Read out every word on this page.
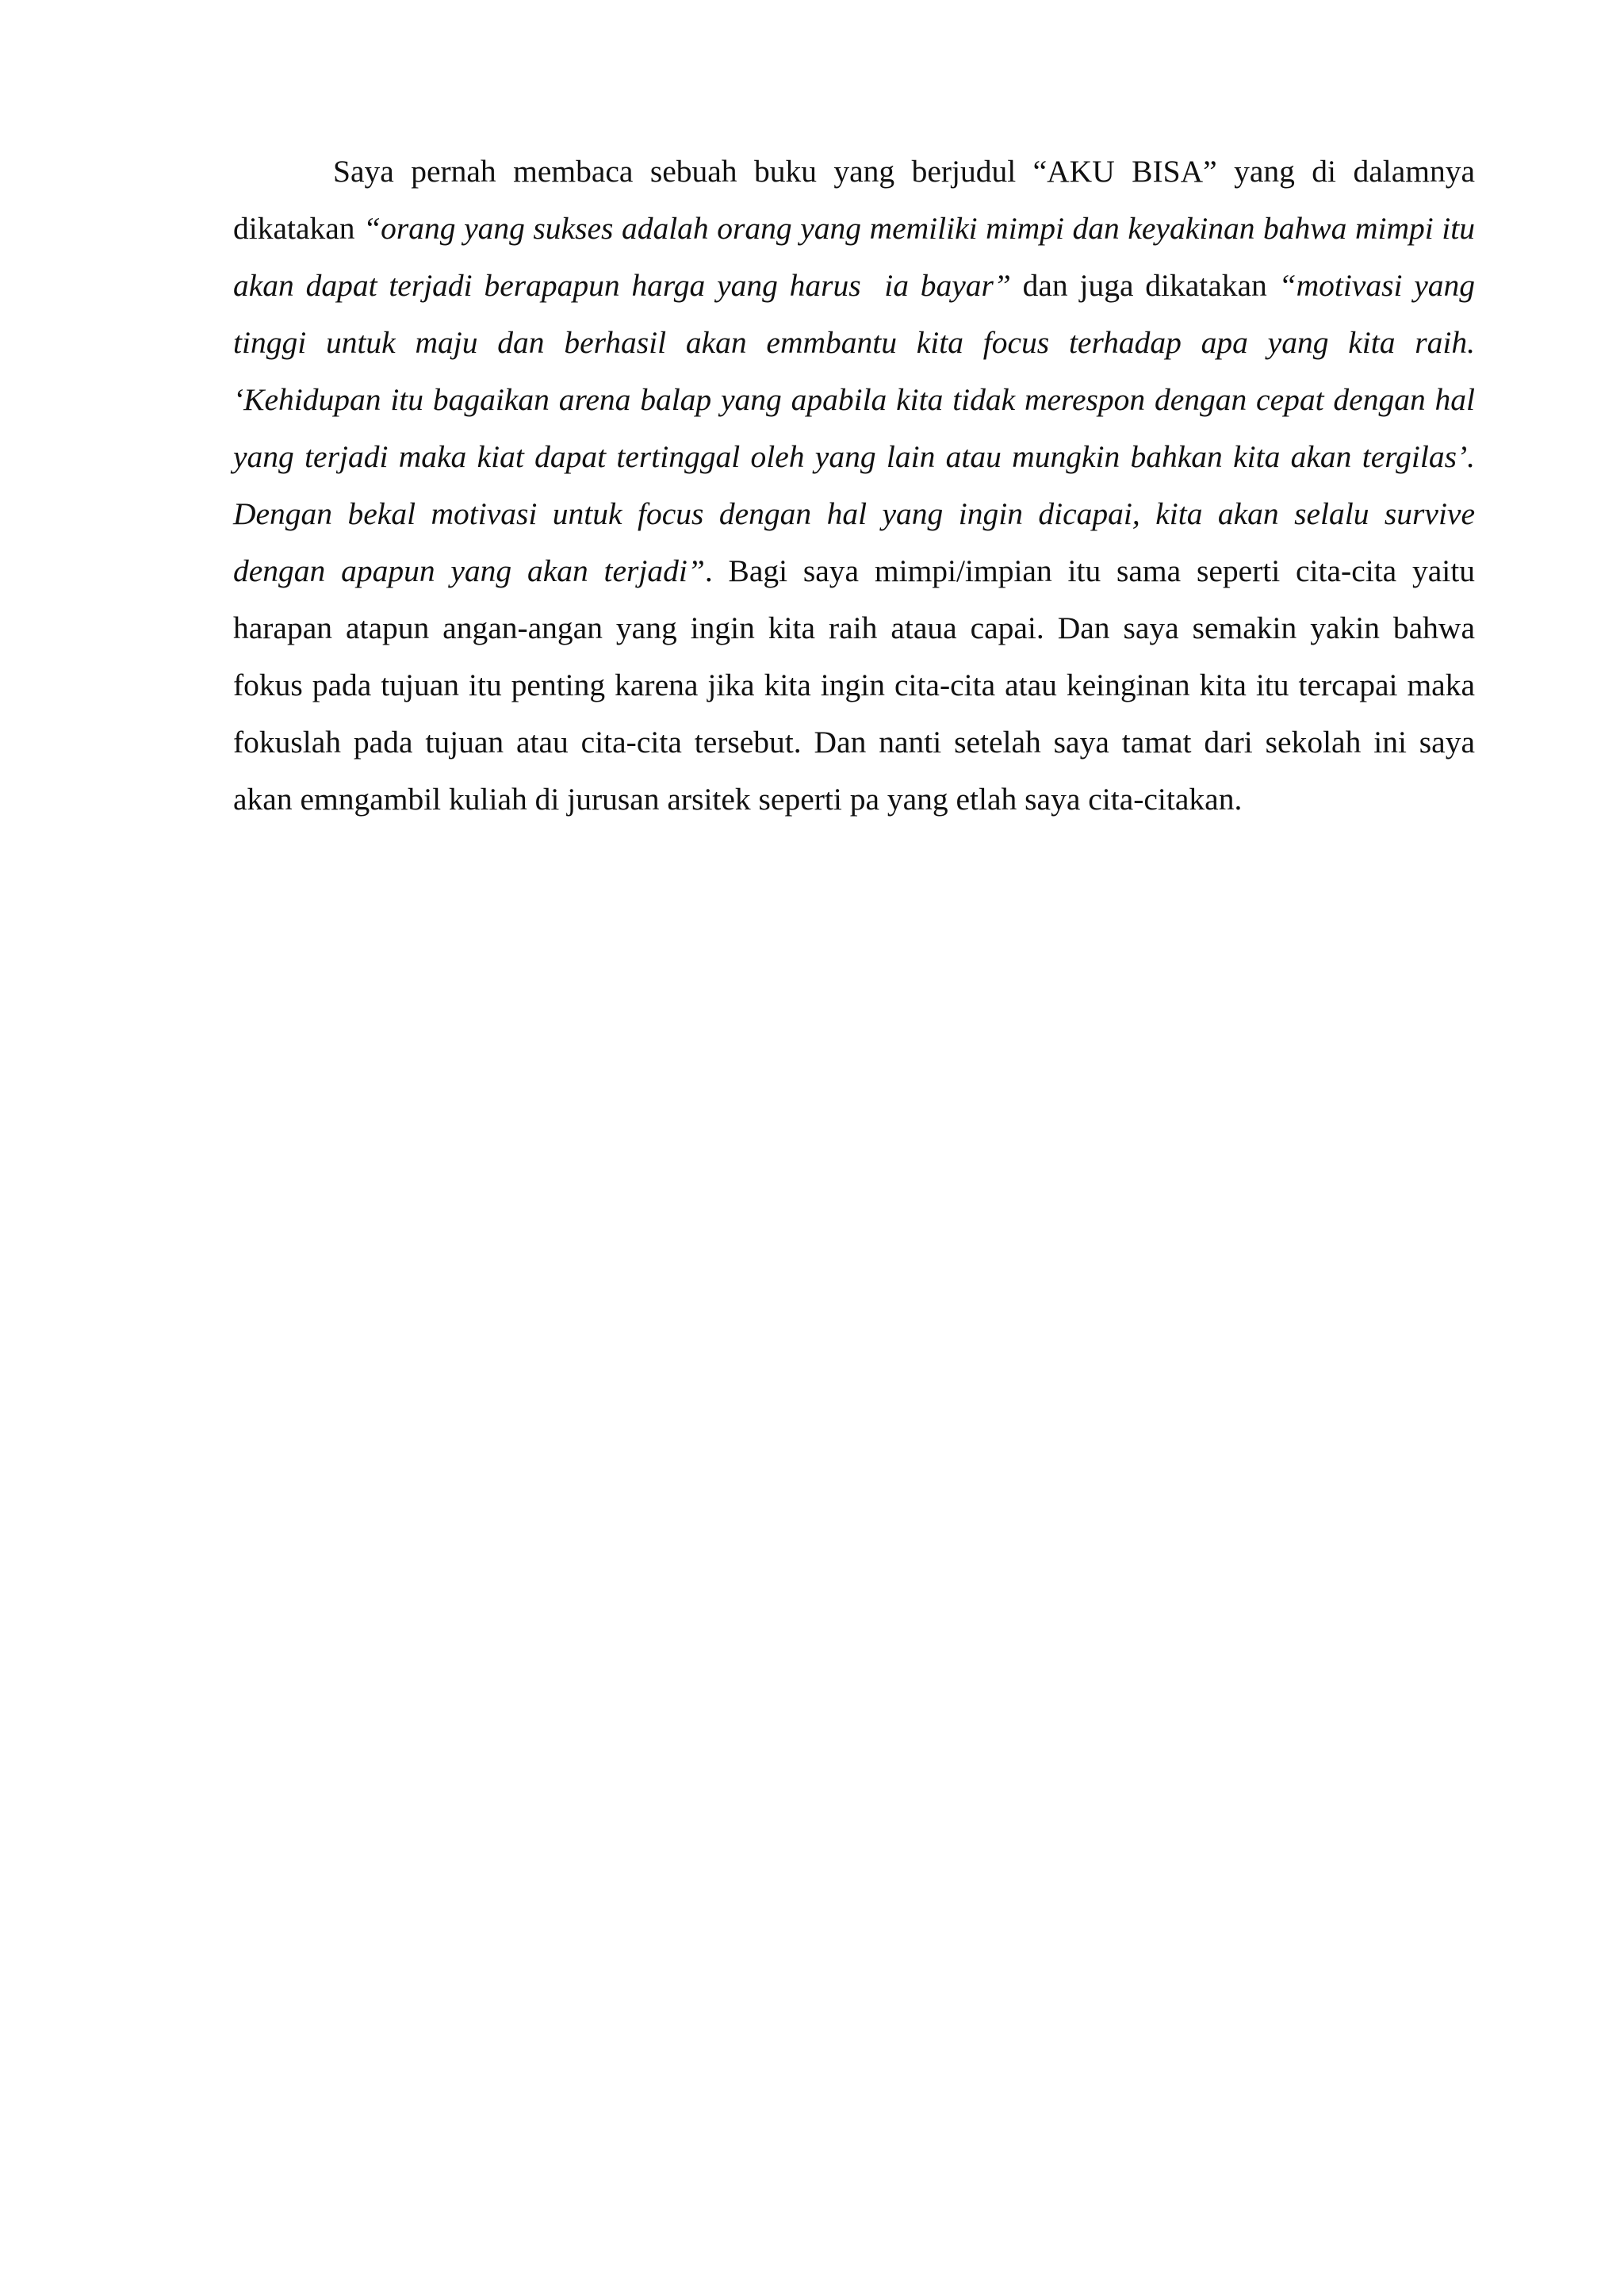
Saya pernah membaca sebuah buku yang berjudul “AKU BISA” yang di dalamnya dikatakan “orang yang sukses adalah orang yang memiliki mimpi dan keyakinan bahwa mimpi itu akan dapat terjadi berapapun harga yang harus  ia bayar” dan juga dikatakan “motivasi yang tinggi untuk maju dan berhasil akan emmbantu kita focus terhadap apa yang kita raih. ‘Kehidupan itu bagaikan arena balap yang apabila kita tidak merespon dengan cepat dengan hal yang terjadi maka kiat dapat tertinggal oleh yang lain atau mungkin bahkan kita akan tergilas’. Dengan bekal motivasi untuk focus dengan hal yang ingin dicapai, kita akan selalu survive dengan apapun yang akan terjadi”. Bagi saya mimpi/impian itu sama seperti cita-cita yaitu harapan atapun angan-angan yang ingin kita raih ataua capai. Dan saya semakin yakin bahwa fokus pada tujuan itu penting karena jika kita ingin cita-cita atau keinginan kita itu tercapai maka fokuslah pada tujuan atau cita-cita tersebut. Dan nanti setelah saya tamat dari sekolah ini saya akan emngambil kuliah di jurusan arsitek seperti pa yang etlah saya cita-citakan.
